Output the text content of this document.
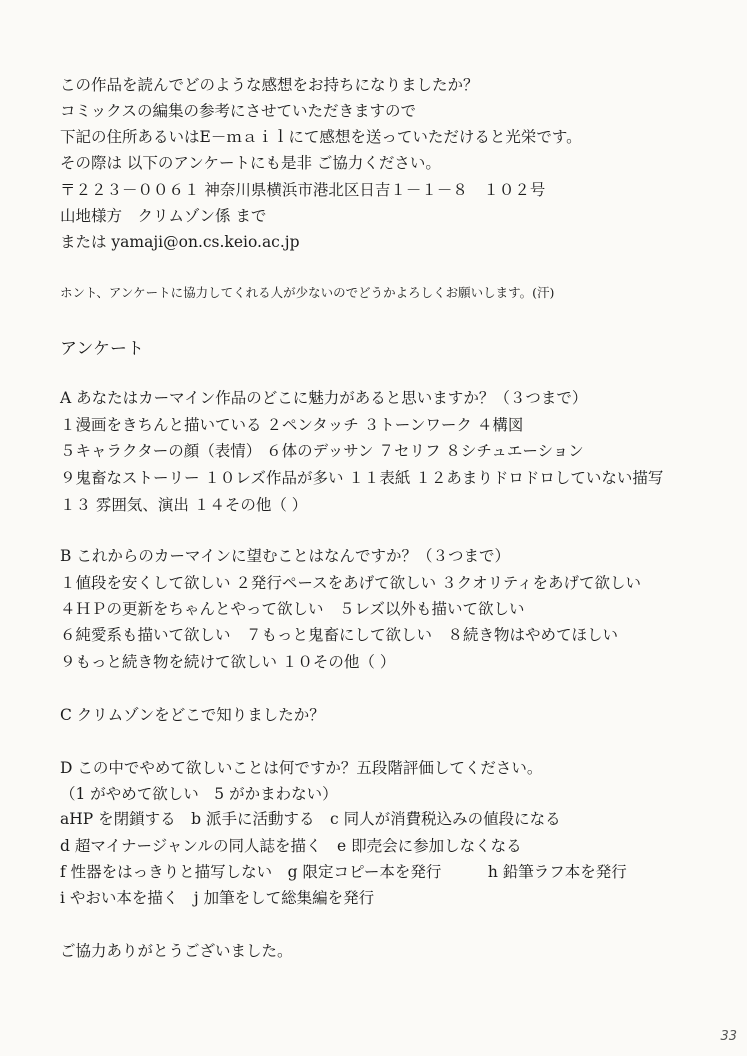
この作品を読んでどのような感想をお持ちになりましたか？
コミックスの編集の参考にさせていただきますので
下記の住所あるいはE－ｍａｉｌにて感想を送っていただけると光栄です。
その際は 以下のアンケートにも是非 ご協力ください。
〒２２３－００６１ 神奈川県横浜市港北区日吉１－１－８　１０２号
山地様方　クリムゾン係 まで
または yamaji@on.cs.keio.ac.jp
ホント、アンケートに協力してくれる人が少ないのでどうかよろしくお願いします。(汗)
アンケート
A あなたはカーマイン作品のどこに魅力があると思いますか？（３つまで）
１漫画をきちんと描いている ２ペンタッチ ３トーンワーク ４構図
５キャラクターの顔（表情） ６体のデッサン ７セリフ ８シチュエーション
９鬼畜なストーリー １０レズ作品が多い １１表紙 １２あまりドロドロしていない描写
１３ 雰囲気、演出 １４その他（ ）
B これからのカーマインに望むことはなんですか？（３つまで）
１値段を安くして欲しい ２発行ペースをあげて欲しい ３クオリティをあげて欲しい
４ＨＰの更新をちゃんとやって欲しい　５レズ以外も描いて欲しい
６純愛系も描いて欲しい　７もっと鬼畜にして欲しい　８続き物はやめてほしい
９もっと続き物を続けて欲しい １０その他（ ）
C クリムゾンをどこで知りましたか？
D この中でやめて欲しいことは何ですか？五段階評価してください。
（1 がやめて欲しい　5 がかまわない）
aHP を閉鎖する　b 派手に活動する　c 同人が消費税込みの値段になる
d 超マイナージャンルの同人誌を描く　e 即売会に参加しなくなる
f 性器をはっきりと描写しない　g 限定コピー本を発行　　　h 鉛筆ラフ本を発行
i やおい本を描く　j 加筆をして総集編を発行
ご協力ありがとうございました。
33
